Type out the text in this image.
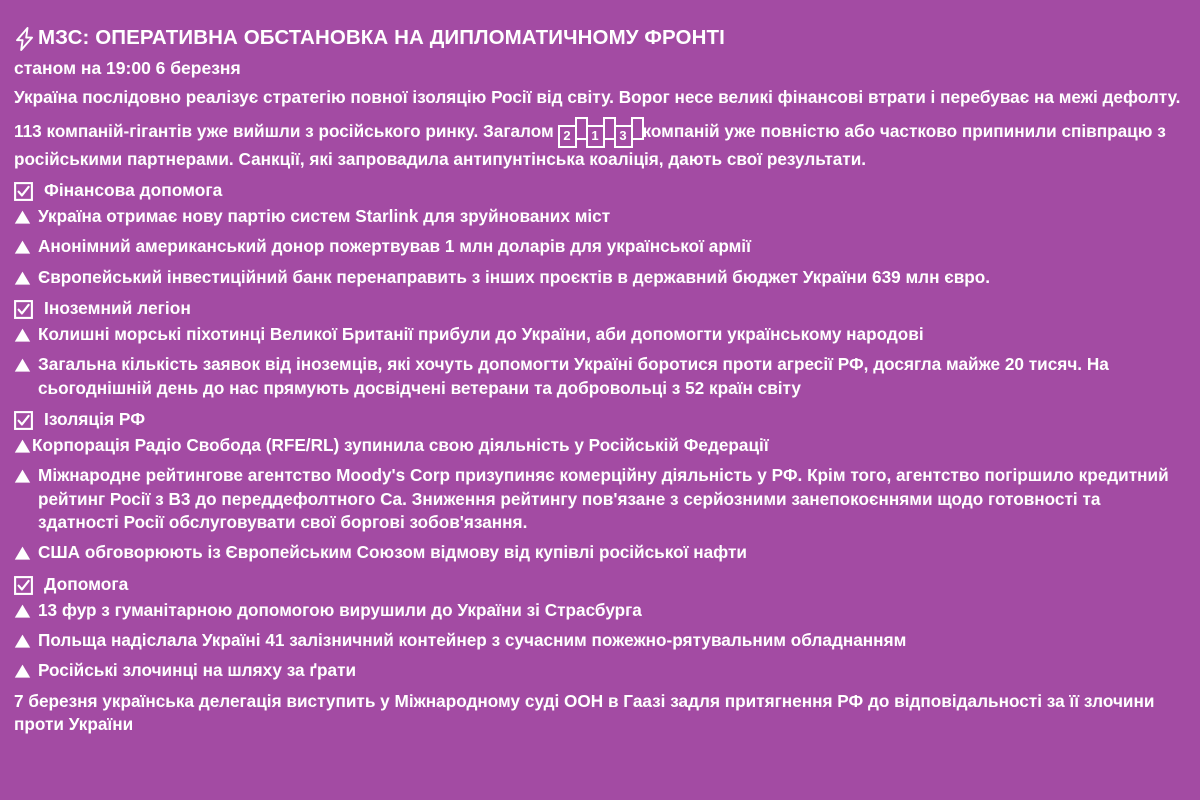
МЗС: ОПЕРАТИВНА ОБСТАНОВКА НА ДИПЛОМАТИЧНОМУ ФРОНТІ
станом на 19:00 6 березня
Україна послідовно реалізує стратегію повної ізоляцію Росії від світу. Ворог несе великі фінансові втрати і перебуває на межі дефолту.
113 компаній-гігантів уже вийшли з російського ринку. Загалом 2 1 3 компаній уже повністю або частково припинили співпрацю з російськими партнерами. Санкції, які запровадила антипунтінська коаліція, дають свої результати.
Фінансова допомога
Україна отримає нову партію систем Starlink для зруйнованих міст
Анонімний американський донор пожертвував 1 млн доларів для української армії
Європейський інвестиційний банк перенаправить з інших проєктів в державний бюджет України 639 млн євро.
Іноземний легіон
Колишні морські піхотинці Великої Британії прибули до України, аби допомогти українському народові
Загальна кількість заявок від іноземців, які хочуть допомогти Україні боротися проти агресії РФ, досягла майже 20 тисяч. На сьогоднішній день до нас прямують досвідчені ветерани та добровольці з 52 країн світу
Ізоляція РФ
Корпорація Радіо Свобода (RFE/RL) зупинила свою діяльність у Російській Федерації
Міжнародне рейтингове агентство Moody's Corp призупиняє комерційну діяльність у РФ. Крім того, агентство погіршило кредитний рейтинг Росії з B3 до переддефолтного Ca. Зниження рейтингу пов'язане з серйозними занепокоєннями щодо готовності та здатності Росії обслуговувати свої боргові зобов'язання.
США обговорюють із Європейським Союзом відмову від купівлі російської нафти
Допомога
13 фур з гуманітарною допомогою вирушили до України зі Страсбурга
Польща надіслала Україні 41 залізничний контейнер з сучасним пожежно-рятувальним обладнанням
Російські злочинці на шляху за ґрати
7 березня українська делегація виступить у Міжнародному суді ООН в Гаазі задля притягнення РФ до відповідальності за її злочини проти України
